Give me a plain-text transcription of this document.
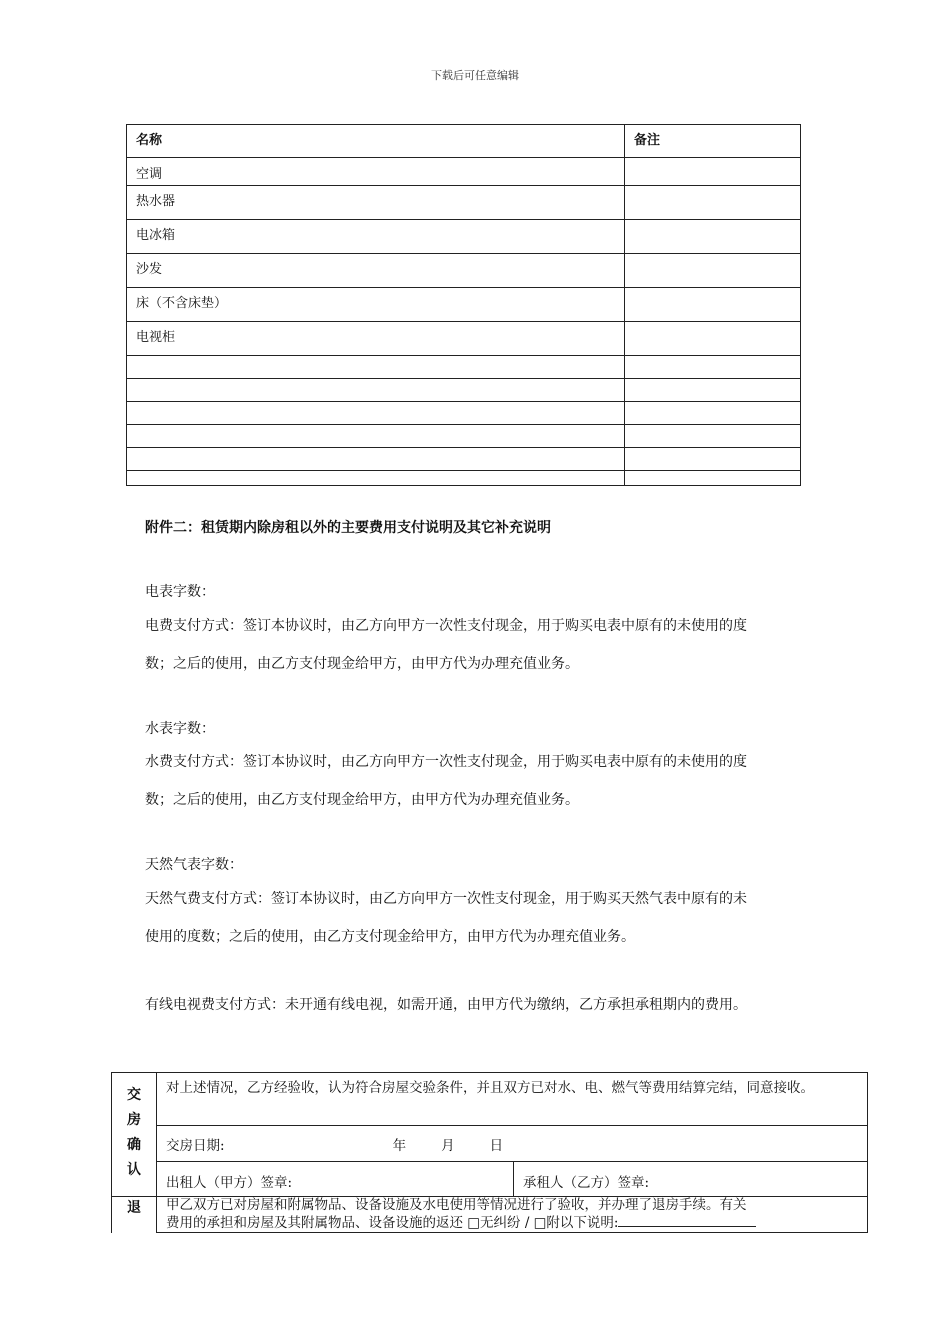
下载后可任意编辑
名称	备注
空调	
热水器	
电冰箱	
沙发	
床（不含床垫）	
电视柜	

附件二：租赁期内除房租以外的主要费用支付说明及其它补充说明
电表字数：
电费支付方式：签订本协议时，由乙方向甲方一次性支付现金，用于购买电表中原有的未使用的度
数；之后的使用，由乙方支付现金给甲方，由甲方代为办理充值业务。
水表字数：
水费支付方式：签订本协议时，由乙方向甲方一次性支付现金，用于购买电表中原有的未使用的度
数；之后的使用，由乙方支付现金给甲方，由甲方代为办理充值业务。
天然气表字数：
天然气费支付方式：签订本协议时，由乙方向甲方一次性支付现金，用于购买天然气表中原有的未
使用的度数；之后的使用，由乙方支付现金给甲方，由甲方代为办理充值业务。
有线电视费支付方式：未开通有线电视，如需开通，由甲方代为缴纳，乙方承担承租期内的费用。
交
房
确
认	对上述情况，乙方经验收，认为符合房屋交验条件，并且双方已对水、电、燃气等费用结算完结，同意接收。	
	交房日期: 年 月 日	
	出租人（甲方）签章:	承租人（乙方）签章:
退	甲乙双方已对房屋和附属物品、设备设施及水电使用等情况进行了验收，并办理了退房手续。有关
费用的承担和房屋及其附属物品、设备设施的返还 □无纠纷 / □附以下说明:	
